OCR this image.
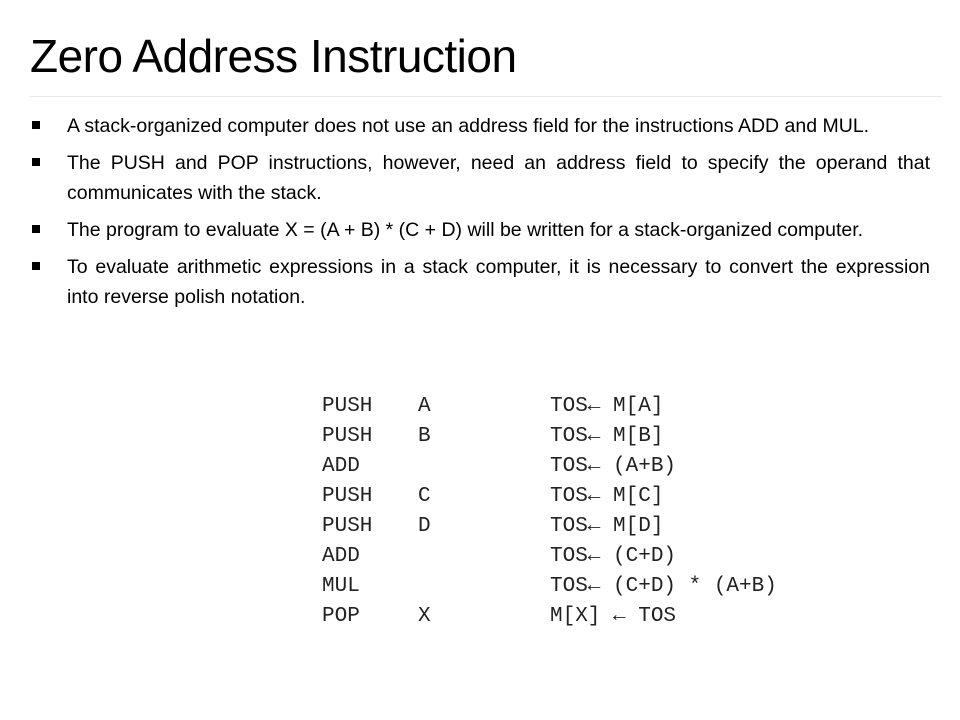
Zero Address Instruction
A stack-organized computer does not use an address field for the instructions ADD and MUL.
The PUSH and POP instructions, however, need an address field to specify the operand that communicates with the stack.
The program to evaluate X = (A + B) * (C + D) will be written for a stack-organized computer.
To evaluate arithmetic expressions in a stack computer, it is necessary to convert the expression into reverse polish notation.
PUSH A	TOS← M[A]
PUSH B	TOS← M[B]
ADD	TOS← (A+B)
PUSH C	TOS← M[C]
PUSH D	TOS← M[D]
ADD	TOS← (C+D)
MUL	TOS← (C+D) * (A+B)
POP	X	M[X] ← TOS
